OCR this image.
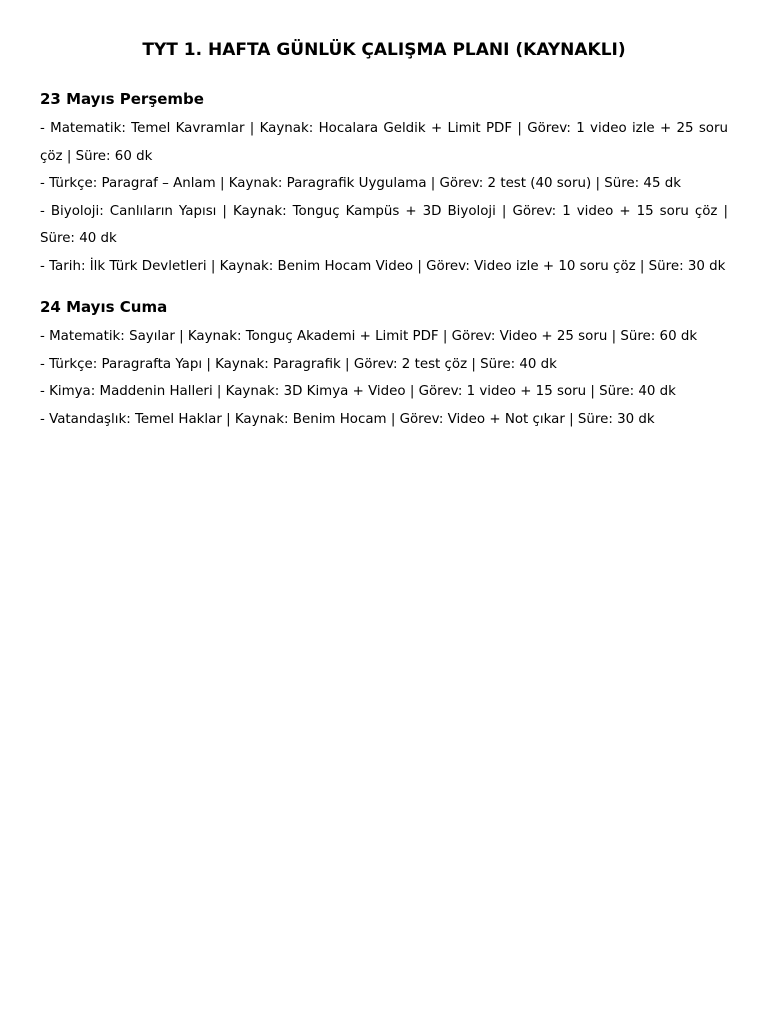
TYT 1. HAFTA GÜNLÜK ÇALIŞMA PLANI (KAYNAKLI)
23 Mayıs Perşembe

- Matematik: Temel Kavramlar | Kaynak: Hocalara Geldik + Limit PDF | Görev: 1 video izle + 25 soru çöz | Süre: 60 dk

- Türkçe: Paragraf – Anlam | Kaynak: Paragrafik Uygulama | Görev: 2 test (40 soru) | Süre: 45 dk

- Biyoloji: Canlıların Yapısı | Kaynak: Tonguç Kampüs + 3D Biyoloji | Görev: 1 video + 15 soru çöz | Süre: 40 dk

- Tarih: İlk Türk Devletleri | Kaynak: Benim Hocam Video | Görev: Video izle + 10 soru çöz | Süre: 30 dk

24 Mayıs Cuma

- Matematik: Sayılar | Kaynak: Tonguç Akademi + Limit PDF | Görev: Video + 25 soru | Süre: 60 dk

- Türkçe: Paragrafta Yapı | Kaynak: Paragrafik | Görev: 2 test çöz | Süre: 40 dk

- Kimya: Maddenin Halleri | Kaynak: 3D Kimya + Video | Görev: 1 video + 15 soru | Süre: 40 dk

- Vatandaşlık: Temel Haklar | Kaynak: Benim Hocam | Görev: Video + Not çıkar | Süre: 30 dk
